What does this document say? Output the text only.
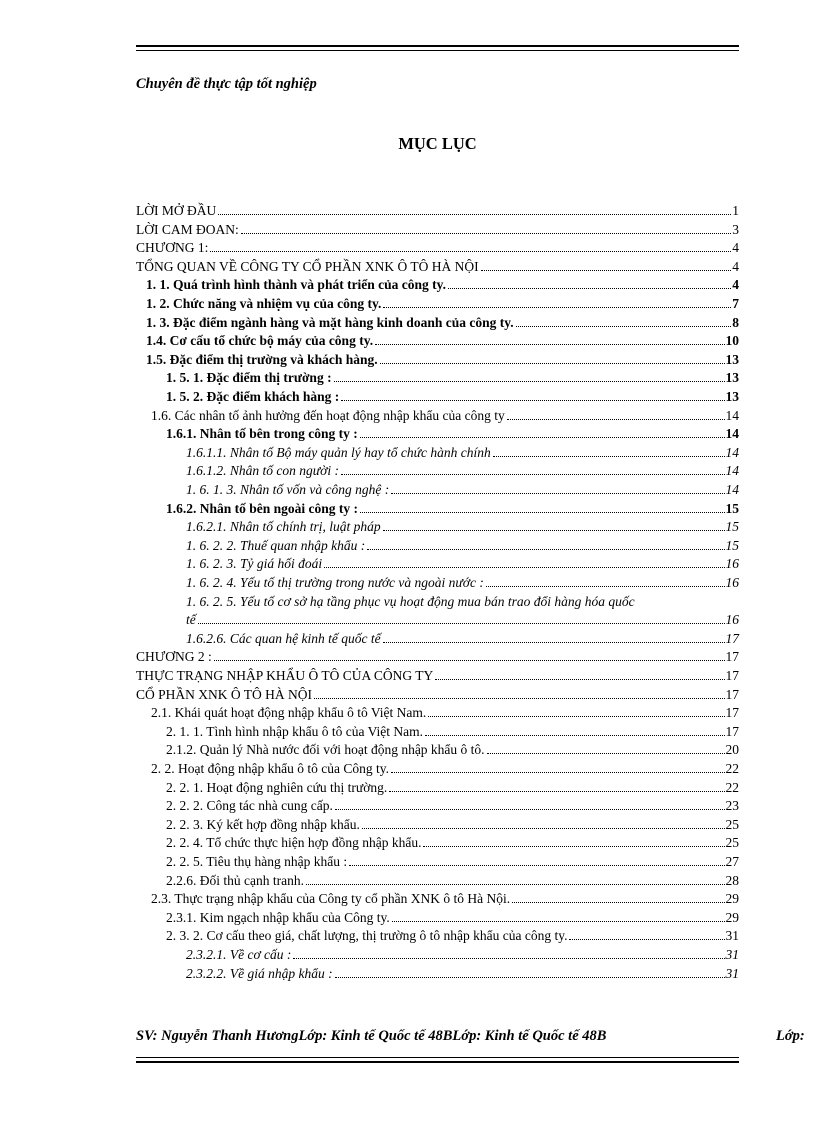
Chuyên đề thực tập tốt nghiệp
MỤC LỤC
LỜI MỞ ĐẦU	1
LỜI CAM ĐOAN:	3
CHƯƠNG 1:	4
TỔNG QUAN VỀ CÔNG TY CỔ PHẦN XNK Ô TÔ HÀ NỘI	4
1. 1. Quá trình hình thành và phát triển của công ty.	4
1. 2. Chức năng và nhiệm vụ của công ty.	7
1. 3. Đặc điểm ngành hàng và mặt hàng kinh doanh của công ty.	8
1.4. Cơ cấu tổ chức bộ máy của công ty.	10
1.5. Đặc điểm thị trường và khách hàng.	13
1. 5. 1. Đặc điểm thị trường :	13
1. 5. 2. Đặc điểm khách hàng :	13
1.6. Các nhân tố ảnh hưởng đến hoạt động nhập khẩu của công ty	14
1.6.1. Nhân tố bên trong công ty :	14
1.6.1.1. Nhân tố Bộ máy quản lý hay tổ chức hành chính	14
1.6.1.2. Nhân tố con người :	14
1. 6. 1. 3. Nhân tố vốn và công nghệ :	14
1.6.2. Nhân tố bên ngoài công ty :	15
1.6.2.1. Nhân tố chính trị, luật pháp	15
1. 6. 2. 2. Thuế quan nhập khẩu :	15
1. 6. 2. 3. Tỷ giá hối đoái	16
1. 6. 2. 4. Yếu tố thị trường trong nước và ngoài nước :	16
1. 6. 2. 5. Yếu tố cơ sở hạ tầng phục vụ hoạt động mua bán trao đổi hàng hóa quốc
tế	16
1.6.2.6. Các quan hệ kinh tế quốc tế	17
CHƯƠNG 2 :	17
THỰC TRẠNG NHẬP KHẨU Ô TÔ CỦA CÔNG TY	17
CỔ PHẦN XNK Ô TÔ HÀ NỘI	17
2.1. Khái quát hoạt động nhập khẩu ô tô Việt Nam.	17
2. 1. 1. Tình hình nhập khẩu ô tô của Việt Nam.	17
2.1.2. Quản lý Nhà nước đối với hoạt động nhập khẩu ô tô.	20
2. 2. Hoạt động nhập khẩu ô tô của Công ty.	22
2. 2. 1. Hoạt động nghiên cứu thị trường.	22
2. 2. 2. Công tác nhà cung cấp.	23
2. 2. 3. Ký kết hợp đồng nhập khẩu.	25
2. 2. 4. Tổ chức thực hiện hợp đồng nhập khẩu.	25
2. 2. 5. Tiêu thụ hàng nhập khẩu :	27
2.2.6. Đối thủ cạnh tranh.	28
2.3. Thực trạng nhập khẩu của Công ty cổ phần XNK ô tô Hà Nội.	29
2.3.1. Kim ngạch nhập khẩu của Công ty.	29
2. 3. 2. Cơ cấu theo giá, chất lượng, thị trường ô tô nhập khẩu của công ty.	31
2.3.2.1. Về cơ cấu :	31
2.3.2.2. Về giá nhập khẩu :	31
SV: Nguyễn Thanh HươngLớp: Kinh tế Quốc tế 48BLớp: Kinh tế Quốc tế 48B	Lớp:
